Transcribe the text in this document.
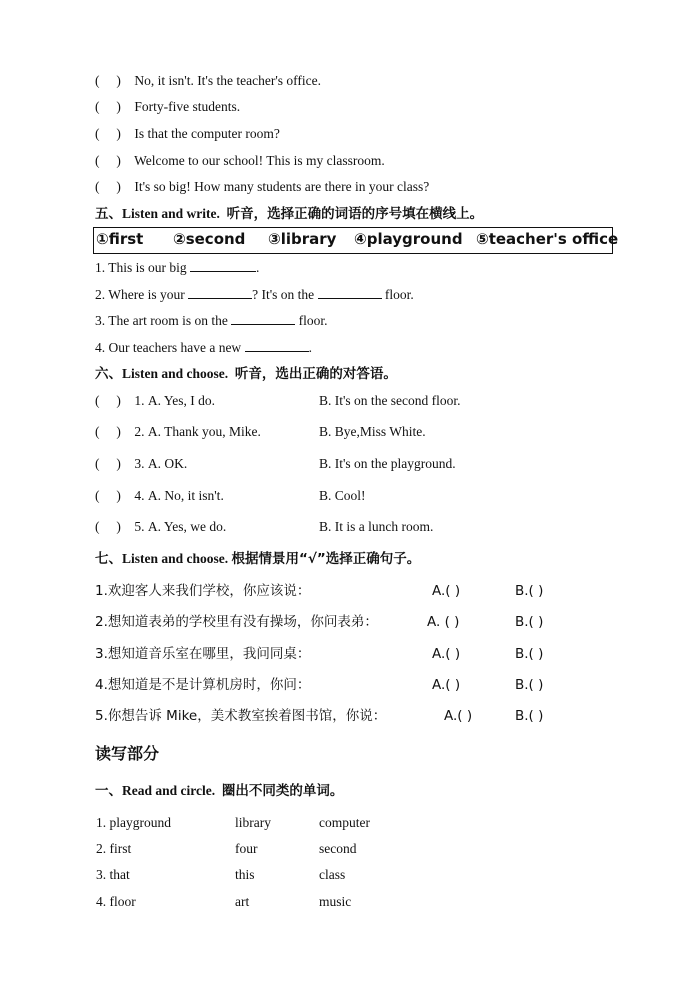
( ) No, it isn't. It's the teacher's office.
( ) Forty-five students.
( ) Is that the computer room?
( ) Welcome to our school! This is my classroom.
( ) It's so big! How many students are there in your class?
五、Listen and write. 听音，选择正确的词语的序号填在横线上。
①first ②second ③library ④playground ⑤teacher's office
1. This is our big	.
2. Where is your	? It's on the	floor.
3. The art room is on the	floor.
4. Our teachers have a new	.
六、Listen and choose. 听音，选出正确的对答语。
( ) 1. A. Yes, I do.	B. It's on the second floor.
( ) 2. A. Thank you, Mike.	B. Bye,Miss White.
( ) 3. A. OK.	B. It's on the playground.
( ) 4. A. No, it isn't.	B. Cool!
( ) 5. A. Yes, we do.	B. It is a lunch room.
七、Listen and choose. 根据情景用“√”选择正确句子。
1.欢迎客人来我们学校，你应该说：	A.( )	B.( )
2.想知道表弟的学校里有没有操场，你问表弟：	A. ( )	B.( )
3.想知道音乐室在哪里，我问同桌：	A.( )	B.( )
4.想知道是不是计算机房时，你问：	A.( )	B.( )
5.你想告诉 Mike，美术教室挨着图书馆，你说：	A.( )	B.( )
读写部分
一、Read and circle. 圈出不同类的单词。
1. playground	library	computer
2. first	four	second
3. that	this	class
4. floor	art	music
